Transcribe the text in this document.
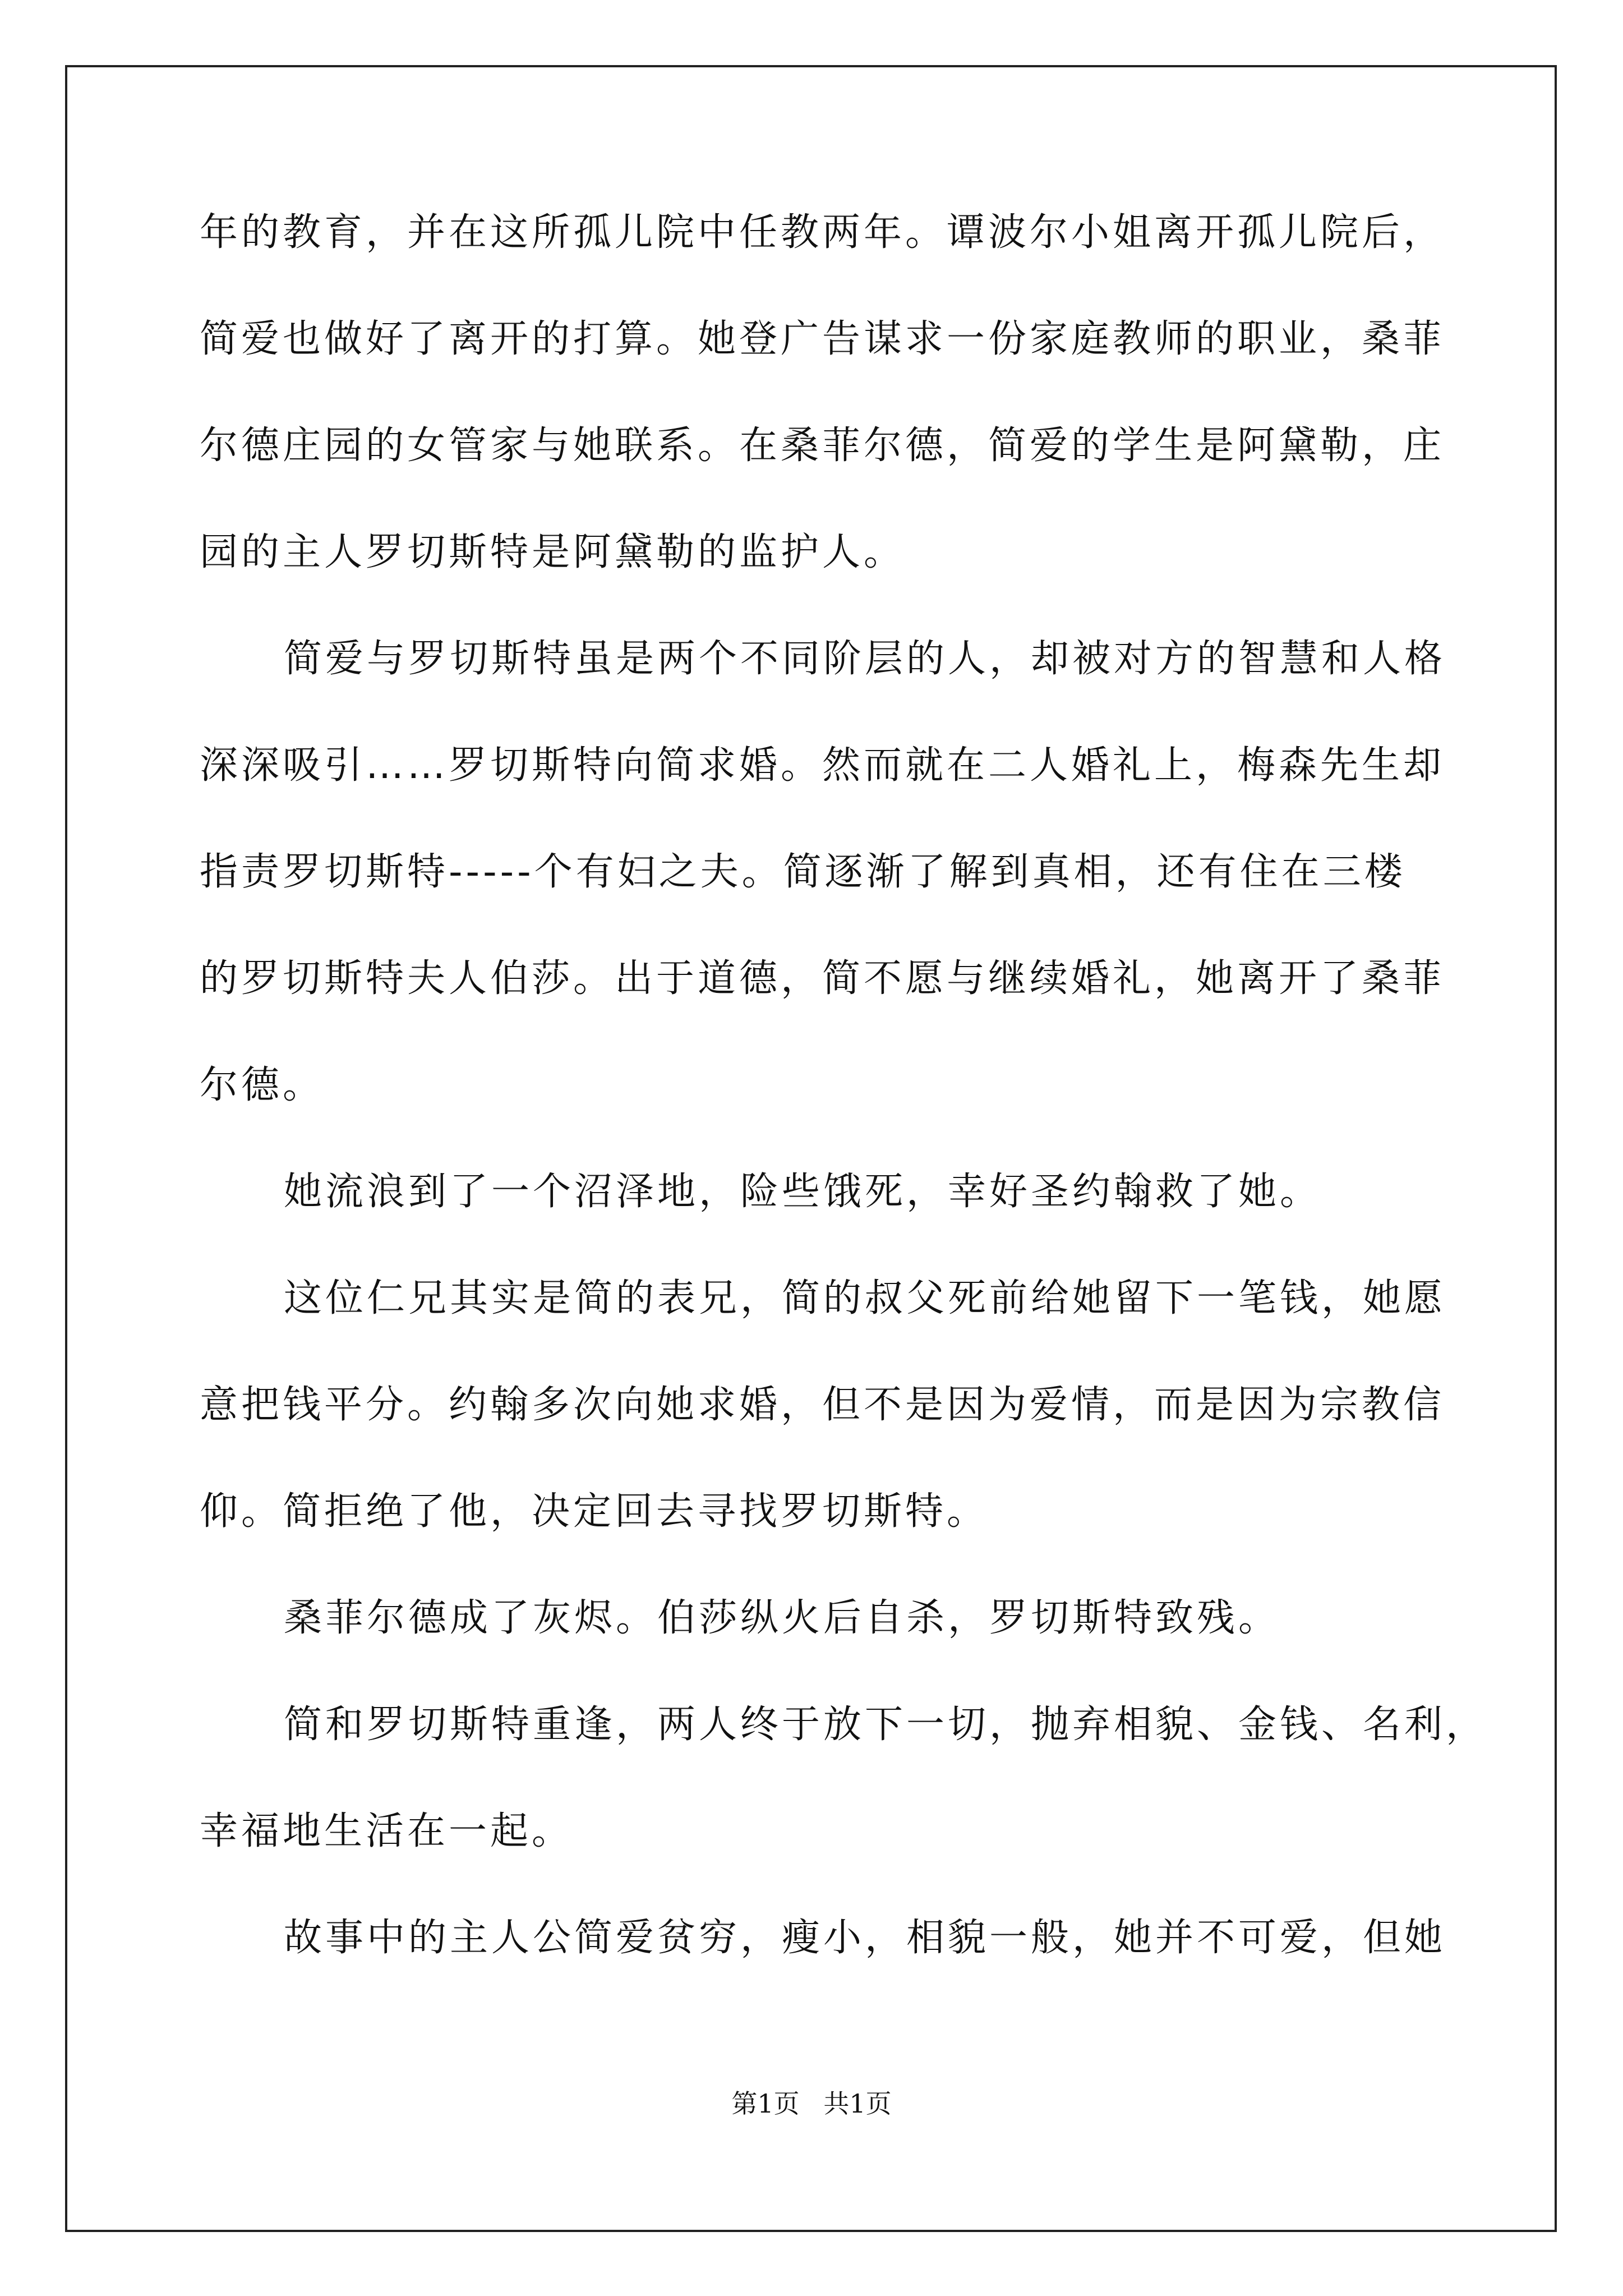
年的教育，并在这所孤儿院中任教两年。谭波尔小姐离开孤儿院后，
简爱也做好了离开的打算。她登广告谋求一份家庭教师的职业，桑菲
尔德庄园的女管家与她联系。在桑菲尔德，简爱的学生是阿黛勒，庄
园的主人罗切斯特是阿黛勒的监护人。
简爱与罗切斯特虽是两个不同阶层的人，却被对方的智慧和人格
深深吸引……罗切斯特向简求婚。然而就在二人婚礼上，梅森先生却
指责罗切斯特-----个有妇之夫。简逐渐了解到真相，还有住在三楼
的罗切斯特夫人伯莎。出于道德，简不愿与继续婚礼，她离开了桑菲
尔德。
她流浪到了一个沼泽地，险些饿死，幸好圣约翰救了她。
这位仁兄其实是简的表兄，简的叔父死前给她留下一笔钱，她愿
意把钱平分。约翰多次向她求婚，但不是因为爱情，而是因为宗教信
仰。简拒绝了他，决定回去寻找罗切斯特。
桑菲尔德成了灰烬。伯莎纵火后自杀，罗切斯特致残。
简和罗切斯特重逢，两人终于放下一切，抛弃相貌、金钱、名利，
幸福地生活在一起。
故事中的主人公简爱贫穷，瘦小，相貌一般，她并不可爱，但她
第1页 共1页
